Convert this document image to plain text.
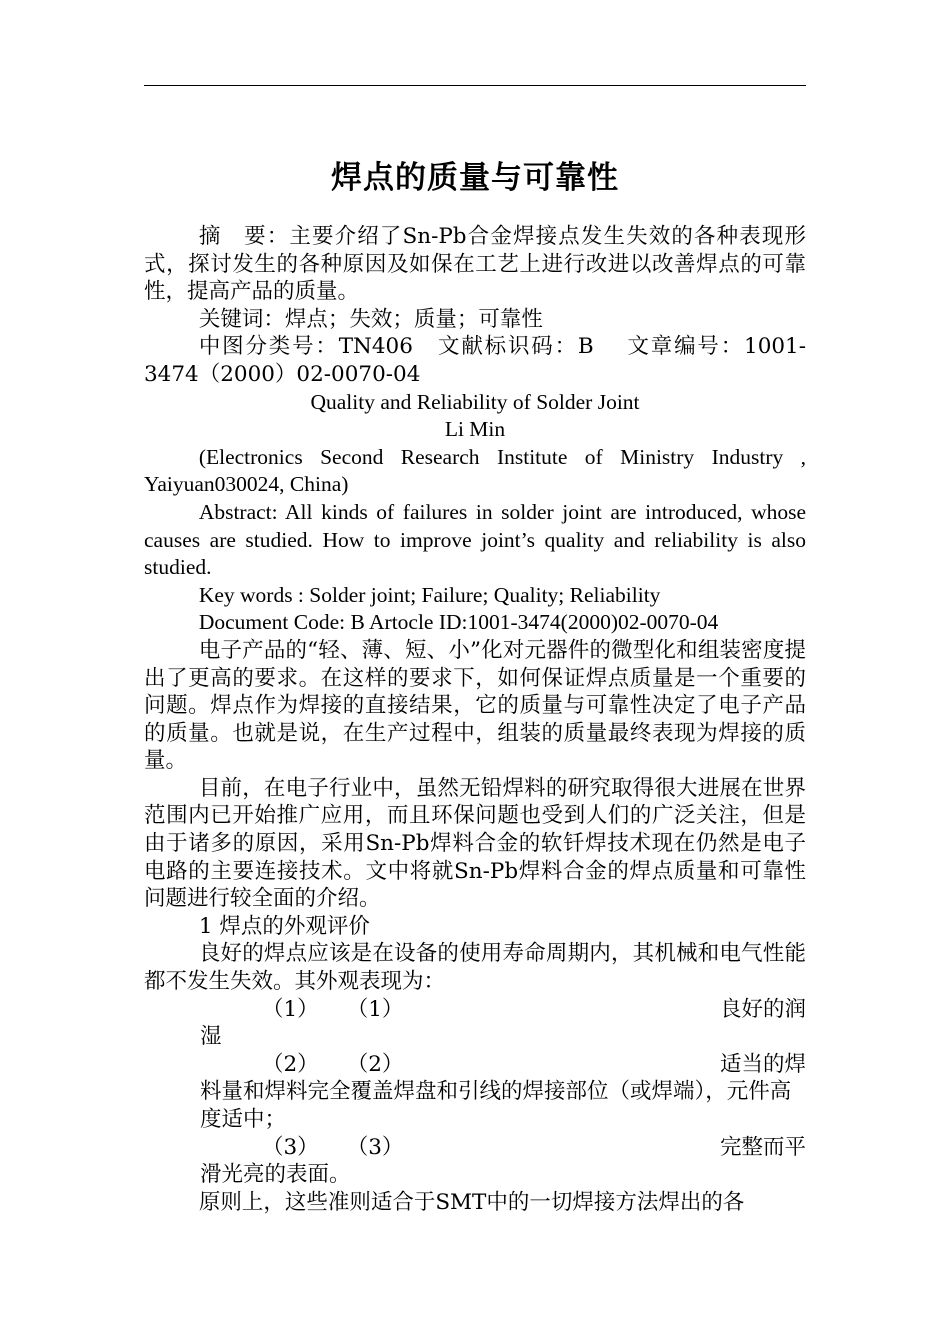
焊点的质量与可靠性

摘　要：主要介绍了Sn-Pb合金焊接点发生失效的各种表现形式，探讨发生的各种原因及如保在工艺上进行改进以改善焊点的可靠性，提高产品的质量。

关键词：焊点；失效；质量；可靠性

中图分类号：TN406　文献标识码：B　 文章编号：1001-3474（2000）02-0070-04

Quality and Reliability of Solder Joint

Li Min

(Electronics Second Research Institute of Ministry Industry , Yaiyuan030024, China)

Abstract: All kinds of failures in solder joint are introduced, whose causes are studied. How to improve joint’s quality and reliability is also studied.

Key words : Solder joint; Failure; Quality; Reliability

Document Code: B Artocle ID:1001-3474(2000)02-0070-04

电子产品的“轻、薄、短、小”化对元器件的微型化和组装密度提出了更高的要求。在这样的要求下，如何保证焊点质量是一个重要的问题。焊点作为焊接的直接结果，它的质量与可靠性决定了电子产品的质量。也就是说，在生产过程中，组装的质量最终表现为焊接的质量。

目前，在电子行业中，虽然无铅焊料的研究取得很大进展在世界范围内已开始推广应用，而且环保问题也受到人们的广泛关注，但是由于诸多的原因，采用Sn-Pb焊料合金的软钎焊技术现在仍然是电子电路的主要连接技术。文中将就Sn-Pb焊料合金的焊点质量和可靠性问题进行较全面的介绍。

1 焊点的外观评价

良好的焊点应该是在设备的使用寿命周期内，其机械和电气性能都不发生失效。其外观表现为：

（1） （1）	良好的润

湿

（2） （2）	适当的焊

料量和焊料完全覆盖焊盘和引线的焊接部位（或焊端），元件高度适中；

（3） （3）	完整而平

滑光亮的表面。

原则上，这些准则适合于SMT中的一切焊接方法焊出的各
